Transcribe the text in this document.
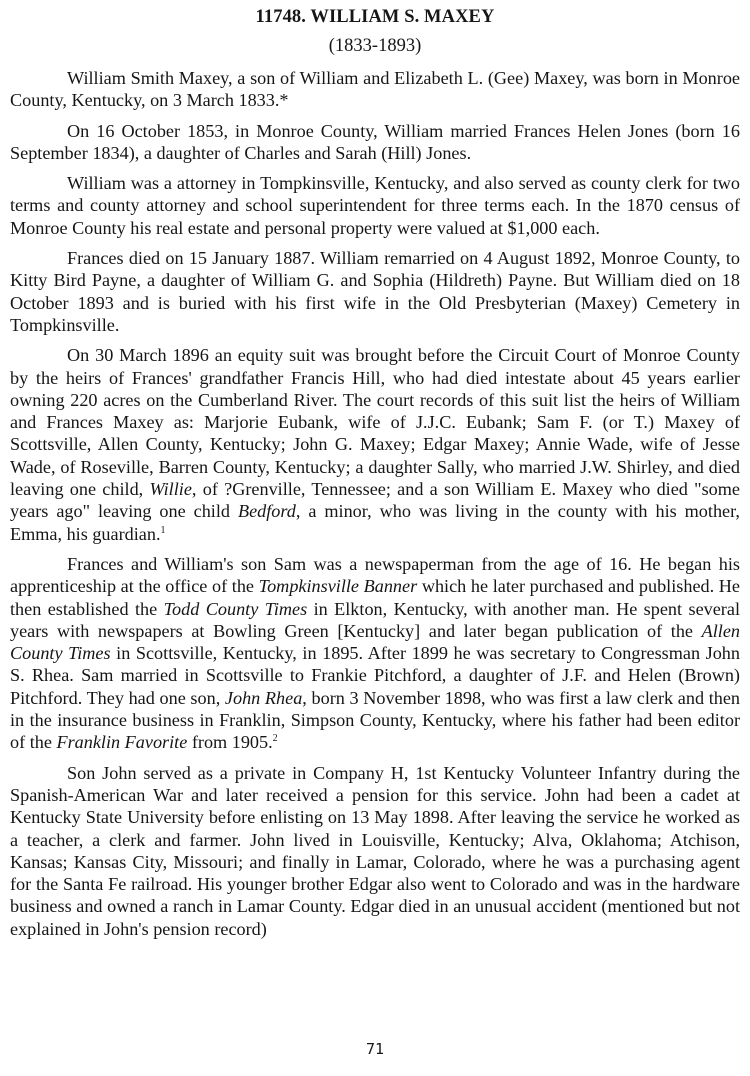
11748. WILLIAM S. MAXEY
(1833-1893)

William Smith Maxey, a son of William and Elizabeth L. (Gee) Maxey, was born in Monroe County, Kentucky, on 3 March 1833.*

On 16 October 1853, in Monroe County, William married Frances Helen Jones (born 16 September 1834), a daughter of Charles and Sarah (Hill) Jones.

William was a attorney in Tompkinsville, Kentucky, and also served as county clerk for two terms and county attorney and school superintendent for three terms each. In the 1870 census of Monroe County his real estate and personal property were valued at $1,000 each.

Frances died on 15 January 1887. William remarried on 4 August 1892, Monroe County, to Kitty Bird Payne, a daughter of William G. and Sophia (Hildreth) Payne. But William died on 18 October 1893 and is buried with his first wife in the Old Presbyterian (Maxey) Cemetery in Tompkinsville.

On 30 March 1896 an equity suit was brought before the Circuit Court of Monroe County by the heirs of Frances' grandfather Francis Hill, who had died intestate about 45 years earlier owning 220 acres on the Cumberland River. The court records of this suit list the heirs of William and Frances Maxey as: Marjorie Eubank, wife of J.J.C. Eubank; Sam F. (or T.) Maxey of Scottsville, Allen County, Kentucky; John G. Maxey; Edgar Maxey; Annie Wade, wife of Jesse Wade, of Roseville, Barren County, Kentucky; a daughter Sally, who married J.W. Shirley, and died leaving one child, Willie, of ?Grenville, Tennessee; and a son William E. Maxey who died "some years ago" leaving one child Bedford, a minor, who was living in the county with his mother, Emma, his guardian.$^1$

Frances and William's son Sam was a newspaperman from the age of 16. He began his apprenticeship at the office of the Tompkinsville Banner which he later purchased and published. He then established the Todd County Times in Elkton, Kentucky, with another man. He spent several years with newspapers at Bowling Green [Kentucky] and later began publication of the Allen County Times in Scottsville, Kentucky, in 1895. After 1899 he was secretary to Congressman John S. Rhea. Sam married in Scottsville to Frankie Pitchford, a daughter of J.F. and Helen (Brown) Pitchford. They had one son, John Rhea, born 3 November 1898, who was first a law clerk and then in the insurance business in Franklin, Simpson County, Kentucky, where his father had been editor of the Franklin Favorite from 1905.$^2$

Son John served as a private in Company H, 1st Kentucky Volunteer Infantry during the Spanish-American War and later received a pension for this service. John had been a cadet at Kentucky State University before enlisting on 13 May 1898. After leaving the service he worked as a teacher, a clerk and farmer. John lived in Louisville, Kentucky; Alva, Oklahoma; Atchison, Kansas; Kansas City, Missouri; and finally in Lamar, Colorado, where he was a purchasing agent for the Santa Fe railroad. His younger brother Edgar also went to Colorado and was in the hardware business and owned a ranch in Lamar County. Edgar died in an unusual accident (mentioned but not explained in John's pension record)

71
